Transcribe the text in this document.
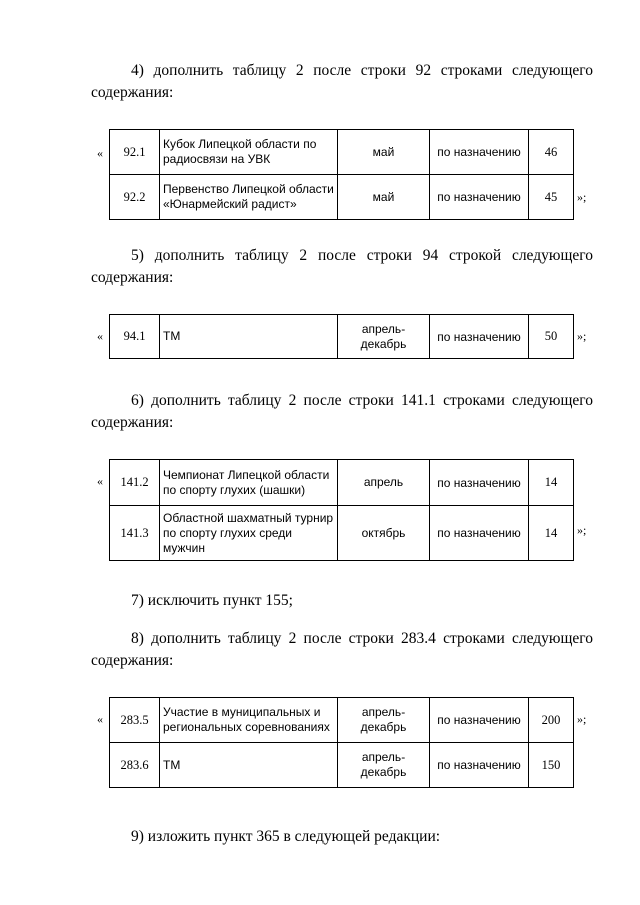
4) дополнить таблицу 2 после строки 92 строками следующего
содержания:
« 92.1	Кубок Липецкой области по
радиосвязи на УВК	май	по назначению	46
92.2	Первенство Липецкой области
«Юнармейский радист»	май	по назначению	45 »;
5) дополнить таблицу 2 после строки 94 строкой следующего
содержания:
« 94.1	ТМ	апрель-
декабрь	по назначению	50 »;
6) дополнить таблицу 2 после строки 141.1 строками следующего
содержания:
« 141.2	Чемпионат Липецкой области
по спорту глухих (шашки)	апрель	по назначению	14
141.3	Областной шахматный турнир
по спорту глухих среди
мужчин	октябрь	по назначению	14 »;
7) исключить пункт 155;
8) дополнить таблицу 2 после строки 283.4 строками следующего
содержания:
« 283.5	Участие в муниципальных и
региональных соревнованиях	апрель-
декабрь	по назначению	200
283.6	ТМ	апрель-
декабрь	по назначению	150
»;
9) изложить пункт 365 в следующей редакции:
